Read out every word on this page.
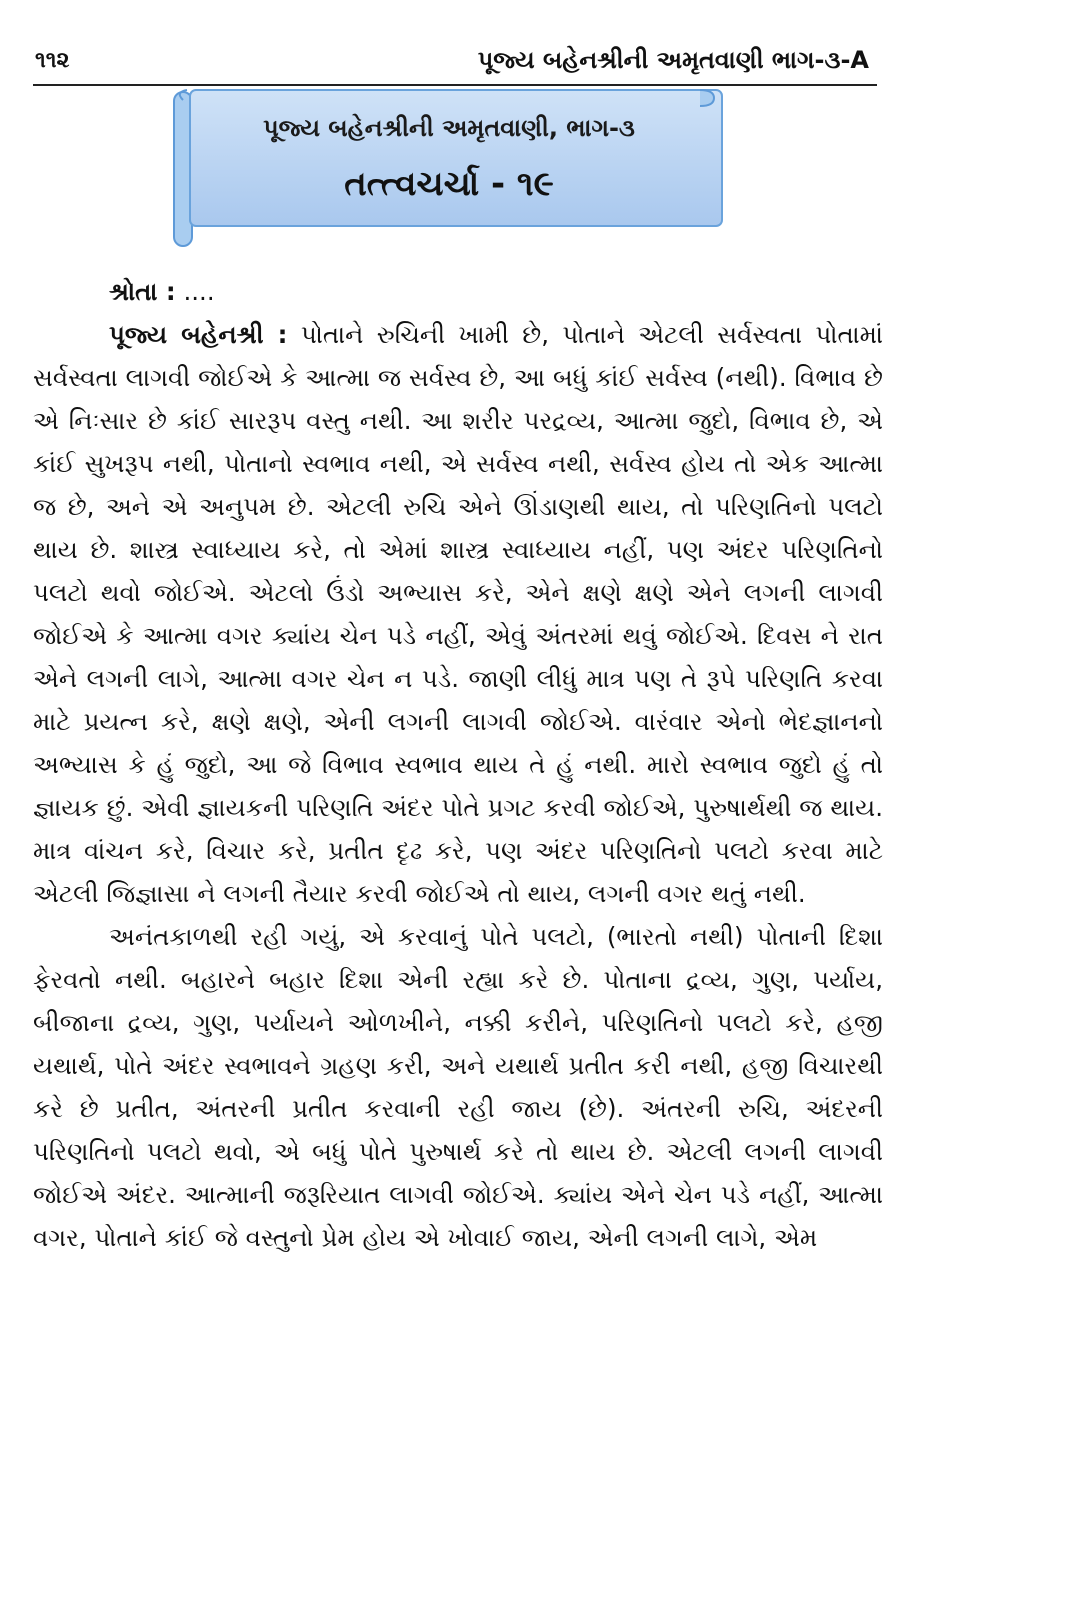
૧૧૨	પૂજ્ય બહેનશ્રીની અમૃતવાણી ભાગ-૩-A
પૂજ્ય બહેનશ્રીની અમૃતવાણી, ભાગ-૩
તત્ત્વચર્ચા - ૧૯

શ્રોતા : ....

પૂજ્ય બહેનશ્રી : પોતાને રુચિની ખામી છે, પોતાને એટલી સર્વસ્વતા પોતામાં સર્વસ્વતા લાગવી જોઈએ કે આત્મા જ સર્વસ્વ છે, આ બધું કાંઈ સર્વસ્વ (નથી). વિભાવ છે એ નિઃસાર છે કાંઈ સારરૂપ વસ્તુ નથી. આ શરીર પરદ્રવ્ય, આત્મા જુદો, વિભાવ છે, એ કાંઈ સુખરૂપ નથી, પોતાનો સ્વભાવ નથી, એ સર્વસ્વ નથી, સર્વસ્વ હોય તો એક આત્મા જ છે, અને એ અનુપમ છે. એટલી રુચિ એને ઊંડાણથી થાય, તો પરિણતિનો પલટો થાય છે. શાસ્ત્ર સ્વાધ્યાય કરે, તો એમાં શાસ્ત્ર સ્વાધ્યાય નહીં, પણ અંદર પરિણતિનો પલટો થવો જોઈએ. એટલો ઉંડો અભ્યાસ કરે, એને ક્ષણે ક્ષણે એને લગની લાગવી જોઈએ કે આત્મા વગર ક્યાંય ચેન પડે નહીં, એવું અંતરમાં થવું જોઈએ. દિવસ ને રાત એને લગની લાગે, આત્મા વગર ચેન ન પડે. જાણી લીધું માત્ર પણ તે રૂપે પરિણતિ કરવા માટે પ્રયત્ન કરે, ક્ષણે ક્ષણે, એની લગની લાગવી જોઈએ. વારંવાર એનો ભેદજ્ઞાનનો અભ્યાસ કે હું જુદો, આ જે વિભાવ સ્વભાવ થાય તે હું નથી. મારો સ્વભાવ જુદો હું તો જ્ઞાયક છું. એવી જ્ઞાયકની પરિણતિ અંદર પોતે પ્રગટ કરવી જોઈએ, પુરુષાર્થથી જ થાય. માત્ર વાંચન કરે, વિચાર કરે, પ્રતીત દૃઢ કરે, પણ અંદર પરિણતિનો પલટો કરવા માટે એટલી જિજ્ઞાસા ને લગની તૈયાર કરવી જોઈએ તો થાય, લગની વગર થતું નથી.

અનંતકાળથી રહી ગયું, એ કરવાનું પોતે પલટો, (ભારતો નથી) પોતાની દિશા ફેરવતો નથી. બહારને બહાર દિશા એની રહ્યા કરે છે. પોતાના દ્રવ્ય, ગુણ, પર્યાય, બીજાના દ્રવ્ય, ગુણ, પર્યાયને ઓળખીને, નક્કી કરીને, પરિણતિનો પલટો કરે, હજી યથાર્થ, પોતે અંદર સ્વભાવને ગ્રહણ કરી, અને યથાર્થ પ્રતીત કરી નથી, હજી વિચારથી કરે છે પ્રતીત, અંતરની પ્રતીત કરવાની રહી જાય (છે). અંતરની રુચિ, અંદરની પરિણતિનો પલટો થવો, એ બધું પોતે પુરુષાર્થ કરે તો થાય છે. એટલી લગની લાગવી જોઈએ અંદર. આત્માની જરૂરિયાત લાગવી જોઈએ. ક્યાંય એને ચેન પડે નહીં, આત્મા વગર, પોતાને કાંઈ જે વસ્તુનો પ્રેમ હોય એ ખોવાઈ જાય, એની લગની લાગે, એમ
